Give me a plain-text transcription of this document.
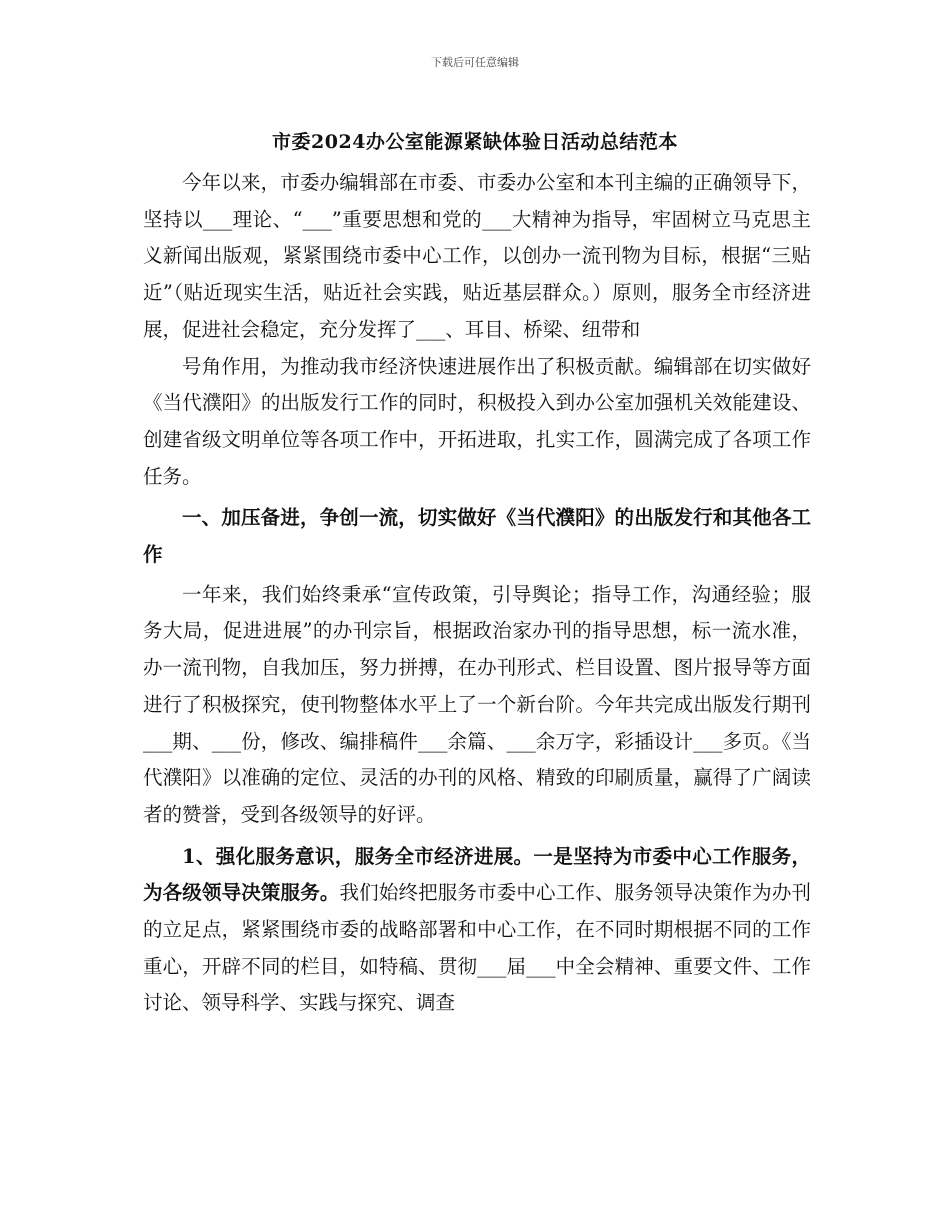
下载后可任意编辑
市委2024办公室能源紧缺体验日活动总结范本

今年以来，市委办编辑部在市委、市委办公室和本刊主编的正确领导下，坚持以___理论、“___”重要思想和党的___大精神为指导，牢固树立马克思主义新闻出版观，紧紧围绕市委中心工作，以创办一流刊物为目标，根据“三贴近”（贴近现实生活，贴近社会实践，贴近基层群众。）原则，服务全市经济进展，促进社会稳定，充分发挥了___、耳目、桥梁、纽带和

号角作用，为推动我市经济快速进展作出了积极贡献。编辑部在切实做好《当代濮阳》的出版发行工作的同时，积极投入到办公室加强机关效能建设、创建省级文明单位等各项工作中，开拓进取，扎实工作，圆满完成了各项工作任务。

一、加压备进，争创一流，切实做好《当代濮阳》的出版发行和其他各工作

一年来，我们始终秉承“宣传政策，引导舆论；指导工作，沟通经验；服务大局，促进进展”的办刊宗旨，根据政治家办刊的指导思想，标一流水准，办一流刊物，自我加压，努力拼搏，在办刊形式、栏目设置、图片报导等方面进行了积极探究，使刊物整体水平上了一个新台阶。今年共完成出版发行期刊___期、___份，修改、编排稿件___余篇、___余万字，彩插设计___多页。《当代濮阳》以准确的定位、灵活的办刊的风格、精致的印刷质量，赢得了广阔读者的赞誉，受到各级领导的好评。

1、强化服务意识，服务全市经济进展。一是坚持为市委中心工作服务，为各级领导决策服务。我们始终把服务市委中心工作、服务领导决策作为办刊的立足点，紧紧围绕市委的战略部署和中心工作，在不同时期根据不同的工作重心，开辟不同的栏目，如特稿、贯彻___届___中全会精神、重要文件、工作讨论、领导科学、实践与探究、调查
